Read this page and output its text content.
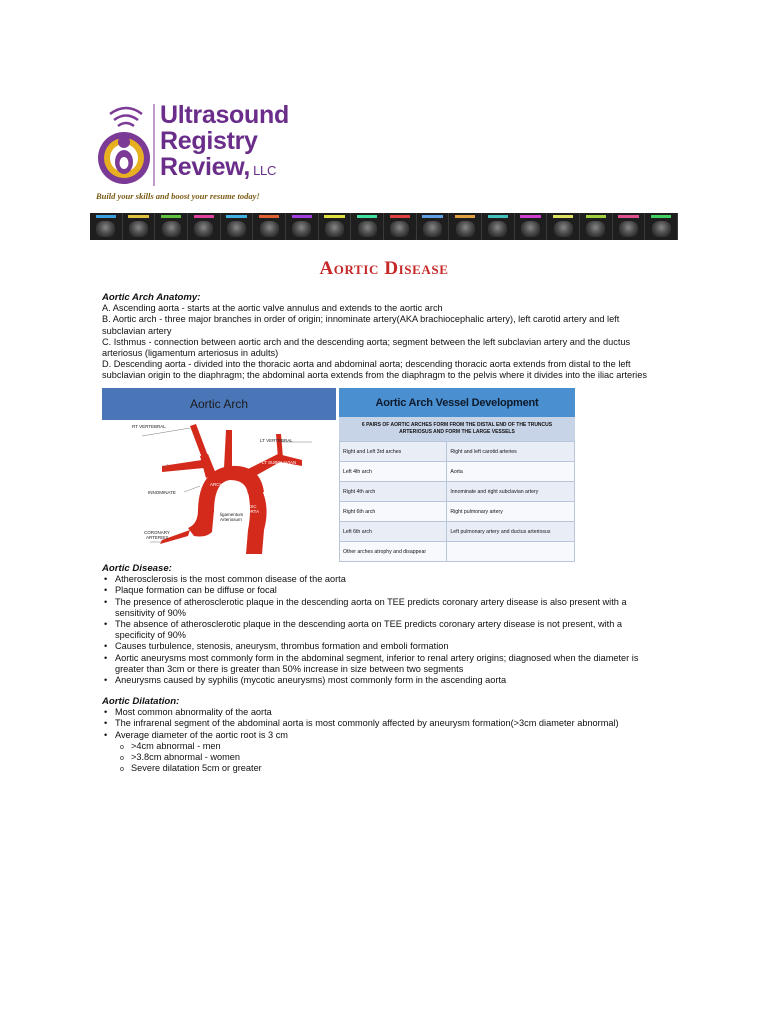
Ultrasound
Registry
Review, LLC
Build your skills and boost your resume today!
Aortic Disease

Aortic Arch Anatomy:

A. Ascending aorta - starts at the aortic valve annulus and extends to the aortic arch

B. Aortic arch - three major branches in order of origin; innominate artery(AKA brachiocephalic artery), left carotid artery and left subclavian artery

C. Isthmus - connection between aortic arch and the descending aorta; segment between the left subclavian artery and the ductus arteriosus (ligamentum arteriosus in adults)

D. Descending aorta - divided into the thoracic aorta and abdominal aorta; descending thoracic aorta extends from distal to the left subclavian origin to the diaphragm; the abdominal aorta extends from the diaphragm to the pelvis where it divides into the iliac arteries

Aortic Arch
RT VERTEBRAL
LT VERTEBRAL
RT SUBCLAVIAN	LT SUBCLAVIAN
INNOMINATE
ARCH
ASC AORTA
ligamentum
Arteriosum
DESC AORTA
CORONARY
ARTERIES
Aortic Arch Vessel Development
6 PAIRS OF AORTIC ARCHES FORM FROM THE DISTAL END OF THE TRUNCUS ARTERIOSUS AND FORM THE LARGE VESSELS
Right and Left 3rd arches	Right and left carotid arteries
Left 4th arch	Aorta
Right 4th arch	Innominate and right subclavian artery
Right 6th arch	Right pulmonary artery
Left 6th arch	Left pulmonary artery and ductus arteriosus
Other arches atrophy and disappear	

Aortic Disease:

• Atherosclerosis is the most common disease of the aorta
• Plaque formation can be diffuse or focal
• The presence of atherosclerotic plaque in the descending aorta on TEE predicts coronary artery disease is also present with a sensitivity of 90%
• The absence of atherosclerotic plaque in the descending aorta on TEE predicts coronary artery disease is not present, with a specificity of 90%
• Causes turbulence, stenosis, aneurysm, thrombus formation and emboli formation
• Aortic aneurysms most commonly form in the abdominal segment, inferior to renal artery origins; diagnosed when the diameter is greater than 3cm or there is greater than 50% increase in size between two segments
• Aneurysms caused by syphilis (mycotic aneurysms) most commonly form in the ascending aorta

Aortic Dilatation:

• Most common abnormality of the aorta
• The infrarenal segment of the abdominal aorta is most commonly affected by aneurysm formation(>3cm diameter abnormal)
• Average diameter of the aortic root is 3 cm
o >4cm abnormal - men
o >3.8cm abnormal - women
o Severe dilatation 5cm or greater
